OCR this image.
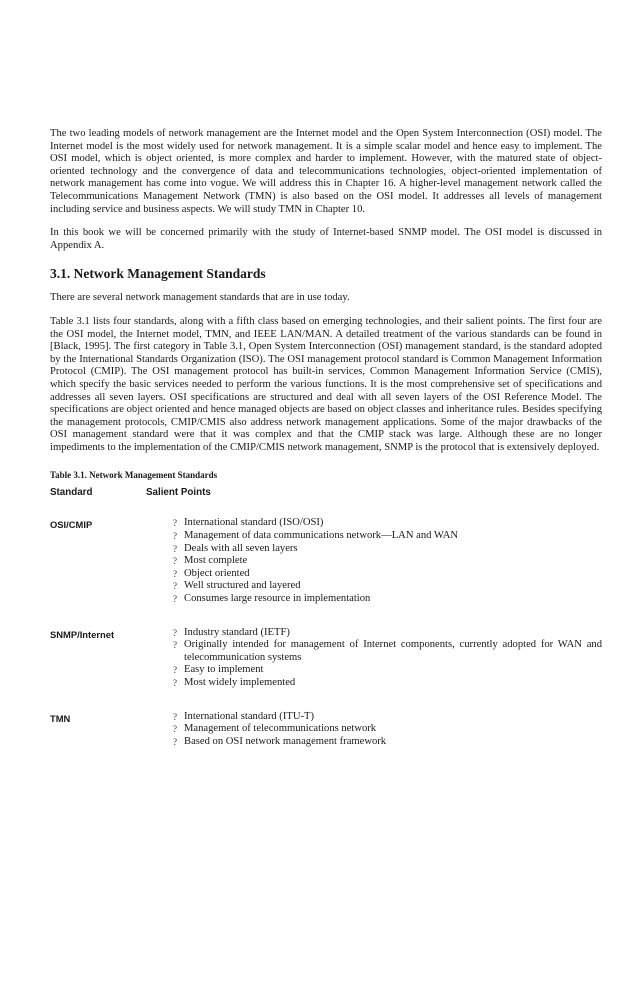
The two leading models of network management are the Internet model and the Open System Interconnection (OSI) model. The Internet model is the most widely used for network management. It is a simple scalar model and hence easy to implement. The OSI model, which is object oriented, is more complex and harder to implement. However, with the matured state of object-oriented technology and the convergence of data and telecommunications technologies, object-oriented implementation of network management has come into vogue. We will address this in Chapter 16. A higher-level management network called the Telecommunications Management Network (TMN) is also based on the OSI model. It addresses all levels of management including service and business aspects. We will study TMN in Chapter 10.

In this book we will be concerned primarily with the study of Internet-based SNMP model. The OSI model is discussed in Appendix A.

3.1. Network Management Standards

There are several network management standards that are in use today.

Table 3.1 lists four standards, along with a fifth class based on emerging technologies, and their salient points. The first four are the OSI model, the Internet model, TMN, and IEEE LAN/MAN. A detailed treatment of the various standards can be found in [Black, 1995]. The first category in Table 3.1, Open System Interconnection (OSI) management standard, is the standard adopted by the International Standards Organization (ISO). The OSI management protocol standard is Common Management Information Protocol (CMIP). The OSI management protocol has built-in services, Common Management Information Service (CMIS), which specify the basic services needed to perform the various functions. It is the most comprehensive set of specifications and addresses all seven layers. OSI specifications are structured and deal with all seven layers of the OSI Reference Model. The specifications are object oriented and hence managed objects are based on object classes and inheritance rules. Besides specifying the management protocols, CMIP/CMIS also address network management applications. Some of the major drawbacks of the OSI management standard were that it was complex and that the CMIP stack was large. Although these are no longer impediments to the implementation of the CMIP/CMIS network management, SNMP is the protocol that is extensively deployed.

Table 3.1. Network Management Standards
Standard	Salient Points
OSI/CMIP	? International standard (ISO/OSI)
? Management of data communications network—LAN and WAN
? Deals with all seven layers
? Most complete
? Object oriented
? Well structured and layered
? Consumes large resource in implementation
SNMP/Internet	? Industry standard (IETF)
? Originally intended for management of Internet components, currently adopted for WAN and telecommunication systems
? Easy to implement
? Most widely implemented
TMN	? International standard (ITU-T)
? Management of telecommunications network
? Based on OSI network management framework
